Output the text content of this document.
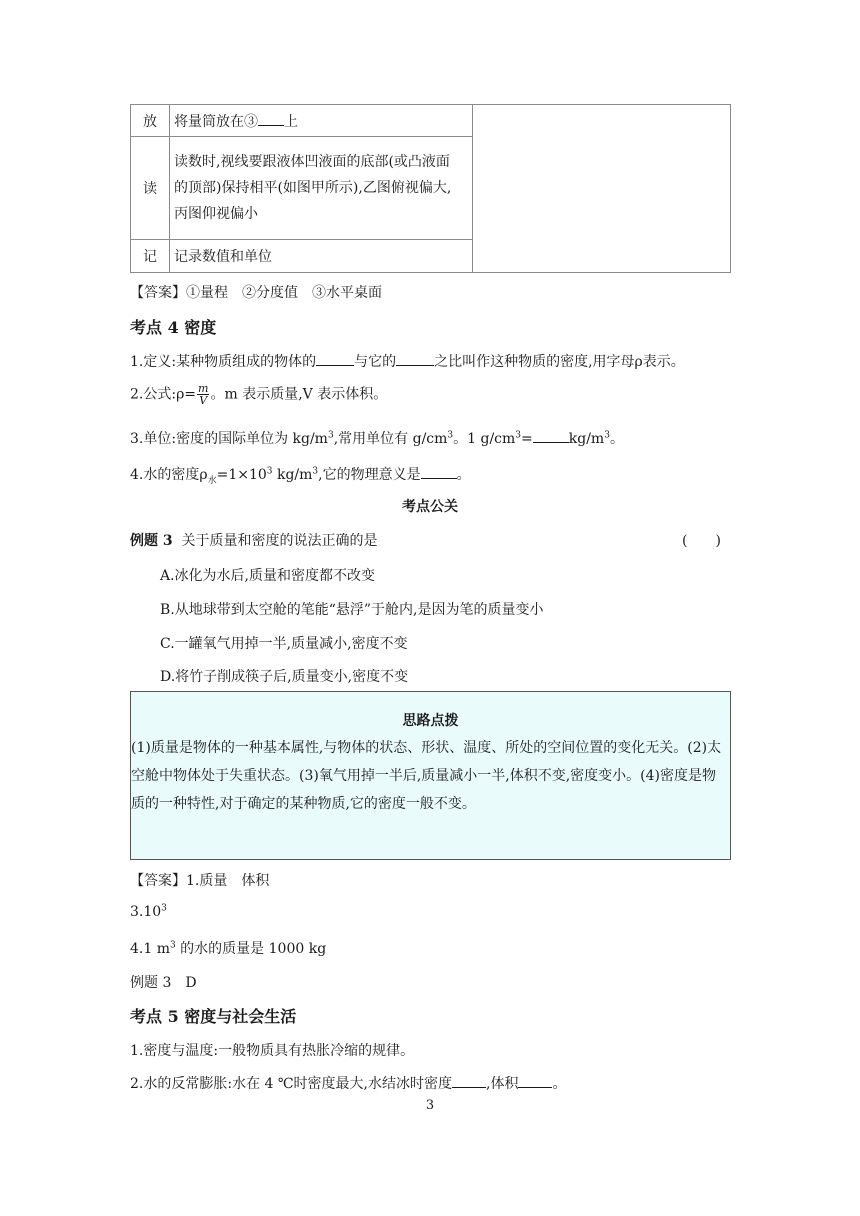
放	将量筒放在③ 上	
读	读数时,视线要跟液体凹液面的底部(或凸液面
的顶部)保持相平(如图甲所示),乙图俯视偏大,
丙图仰视偏小	

记	记录数值和单位	
【答案】①量程　②分度值　③水平桌面
考点 4 密度
1.定义:某种物质组成的物体的	与它的	之比叫作这种物质的密度,用字母ρ表示。
2.公式:ρ= $\frac{m}{V}$ 。m 表示质量,V 表示体积。
3.单位:密度的国际单位为 $kg/m^3$,常用单位有 $g/cm^3$。1 $g/cm^3=$	$kg/m^3$。
4.水的密度$\rho_水=1\times 10^3$ $kg/m^3$,它的物理意义是	。
考点公关
例题 3 关于质量和密度的说法正确的是	(　　)
A.冰化为水后,质量和密度都不改变
B.从地球带到太空舱的笔能“悬浮”于舱内,是因为笔的质量变小
C.一罐氧气用掉一半,质量减小,密度不变
D.将竹子削成筷子后,质量变小,密度不变
思路点拨
(1)质量是物体的一种基本属性,与物体的状态、形状、温度、所处的空间位置的变化无关。(2)太空舱中物体处于失重状态。(3)氧气用掉一半后,质量减小一半,体积不变,密度变小。(4)密度是物质的一种特性,对于确定的某种物质,它的密度一般不变。
【答案】1.质量　体积
3.10$^3$
4.1 $m^3$ 的水的质量是 1000 kg
例题 3　D
考点 5 密度与社会生活
1.密度与温度:一般物质具有热胀冷缩的规律。
2.水的反常膨胀:水在 4 ℃时密度最大,水结冰时密度 ,体积 。
3
